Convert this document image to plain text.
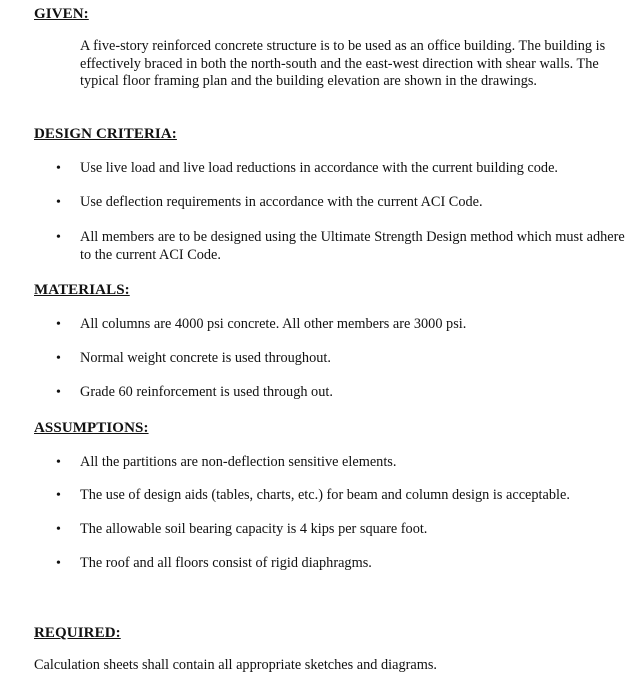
GIVEN:

A five-story reinforced concrete structure is to be used as an office building. The building is effectively braced in both the north-south and the east-west direction with shear walls. The typical floor framing plan and the building elevation are shown in the drawings.

DESIGN CRITERIA:
• Use live load and live load reductions in accordance with the current building code.
• Use deflection requirements in accordance with the current ACI Code.
• All members are to be designed using the Ultimate Strength Design method which must adhere to the current ACI Code.
MATERIALS:
• All columns are 4000 psi concrete. All other members are 3000 psi.
• Normal weight concrete is used throughout.
• Grade 60 reinforcement is used through out.
ASSUMPTIONS:
• All the partitions are non-deflection sensitive elements.
• The use of design aids (tables, charts, etc.) for beam and column design is acceptable.
• The allowable soil bearing capacity is 4 kips per square foot.
• The roof and all floors consist of rigid diaphragms.
REQUIRED:

Calculation sheets shall contain all appropriate sketches and diagrams.
